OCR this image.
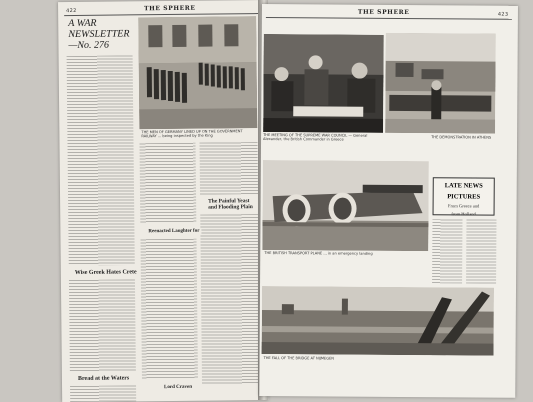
422	THE SPHERE
A WAR
NEWSLETTER
—No. 276
Wise Greek Hates Crete
Bread at the Waters
THE MEN OF GERMANY LINED UP ON THE GOVERNMENT RAILWAY ... being inspected by the King
The Painful Yeast and Flooding Plain
Reenacted Laughter for
Lord Craven
THE SPHERE	423
THE MEETING OF THE SUPREME WAR COUNCIL — General Alexander, the British Commander in Greece	THE DEMONSTRATION IN ATHENS
THE BRITISH TRANSPORT PLANE ... in an emergency landing
LATE NEWS
PICTURES
From Greece and
from Holland
THE FALL OF THE BRIDGE AT NIJMEGEN
